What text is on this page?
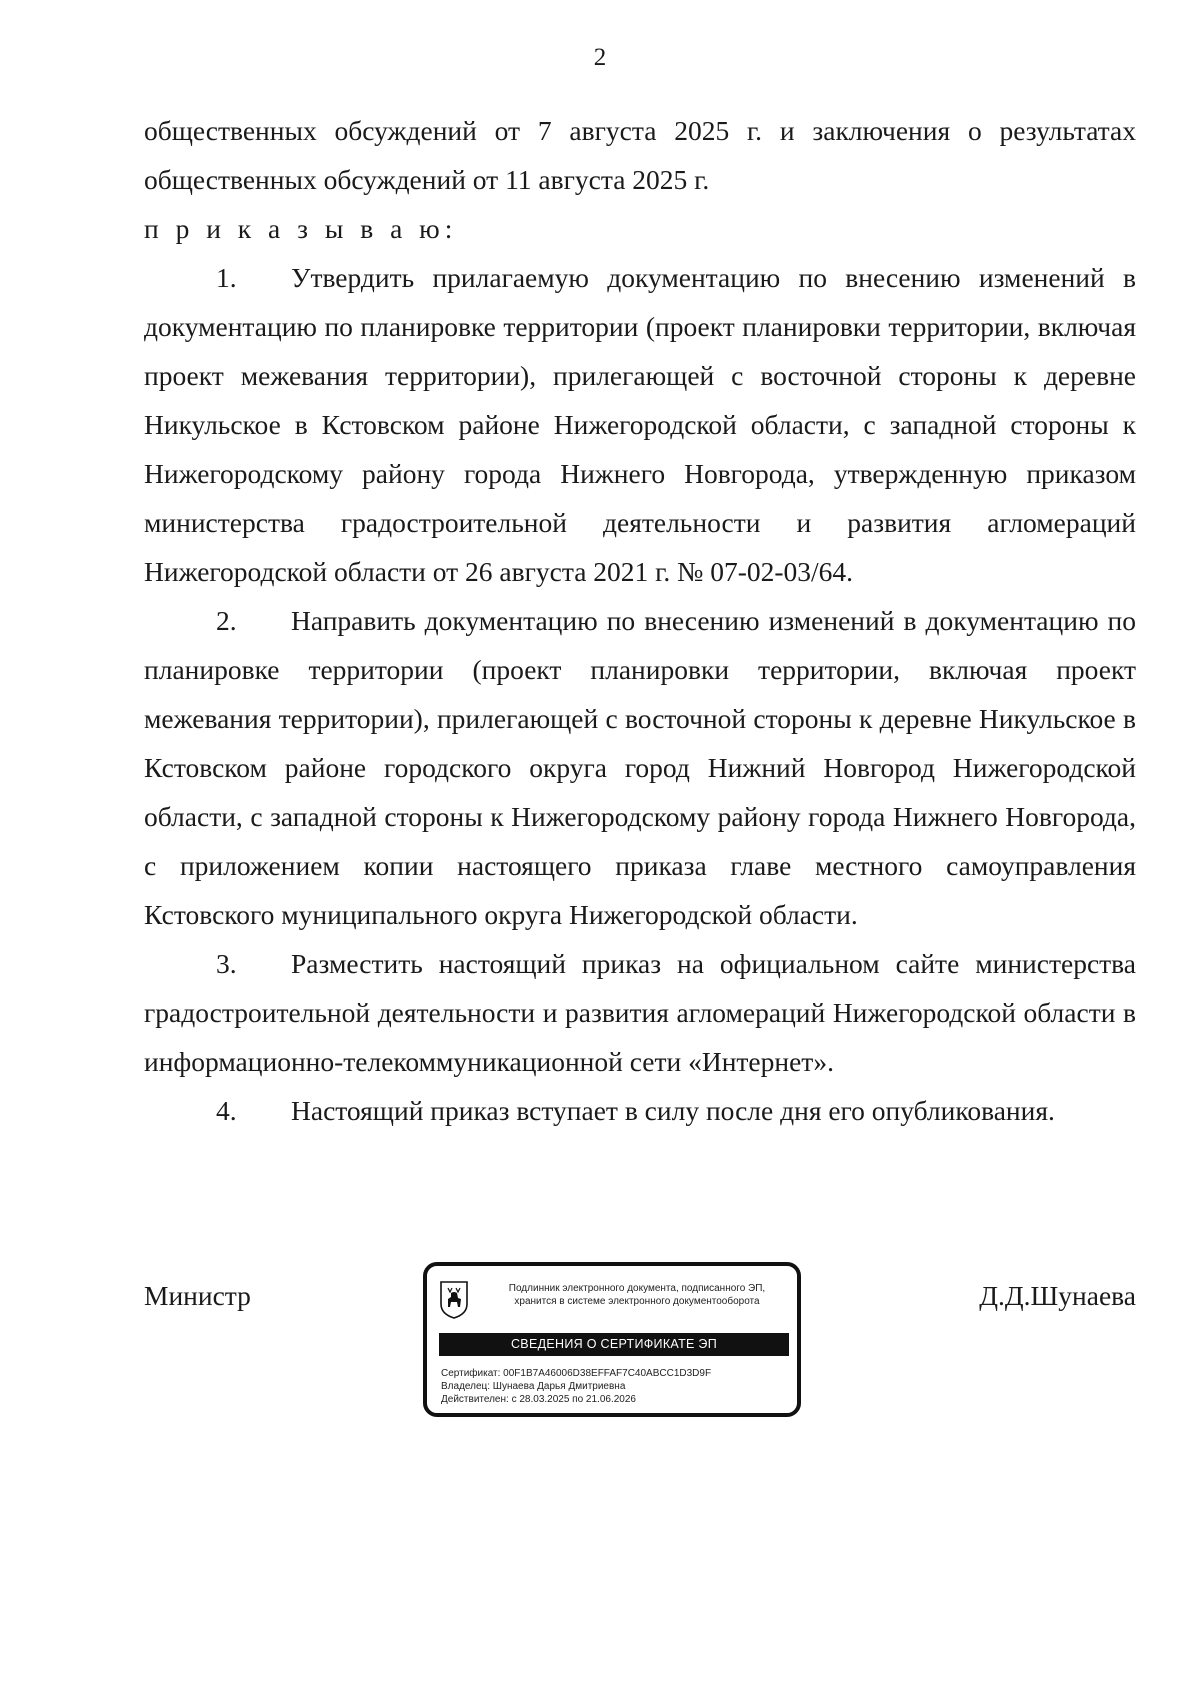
2

общественных обсуждений от 7 августа 2025 г. и заключения о результатах общественных обсуждений от 11 августа 2025 г.

п р и к а з ы в а ю:

1. Утвердить прилагаемую документацию по внесению изменений в документацию по планировке территории (проект планировки территории, включая проект межевания территории), прилегающей с восточной стороны к деревне Никульское в Кстовском районе Нижегородской области, с западной стороны к Нижегородскому району города Нижнего Новгорода, утвержденную приказом министерства градостроительной деятельности и развития агломераций Нижегородской области от 26 августа 2021 г. № 07-02-03/64.

2. Направить документацию по внесению изменений в документацию по планировке территории (проект планировки территории, включая проект межевания территории), прилегающей с восточной стороны к деревне Никульское в Кстовском районе городского округа город Нижний Новгород Нижегородской области, с западной стороны к Нижегородскому району города Нижнего Новгорода, с приложением копии настоящего приказа главе местного самоуправления Кстовского муниципального округа Нижегородской области.

3. Разместить настоящий приказ на официальном сайте министерства градостроительной деятельности и развития агломераций Нижегородской области в информационно-телекоммуникационной сети «Интернет».

4. Настоящий приказ вступает в силу после дня его опубликования.

Министр	Д.Д.Шунаева
Подлинник электронного документа, подписанного ЭП,
хранится в системе электронного документооборота
СВЕДЕНИЯ О СЕРТИФИКАТЕ ЭП
Сертификат: 00F1B7A46006D38EFFAF7C40ABCC1D3D9F
Владелец: Шунаева Дарья Дмитриевна
Действителен: с 28.03.2025 по 21.06.2026
